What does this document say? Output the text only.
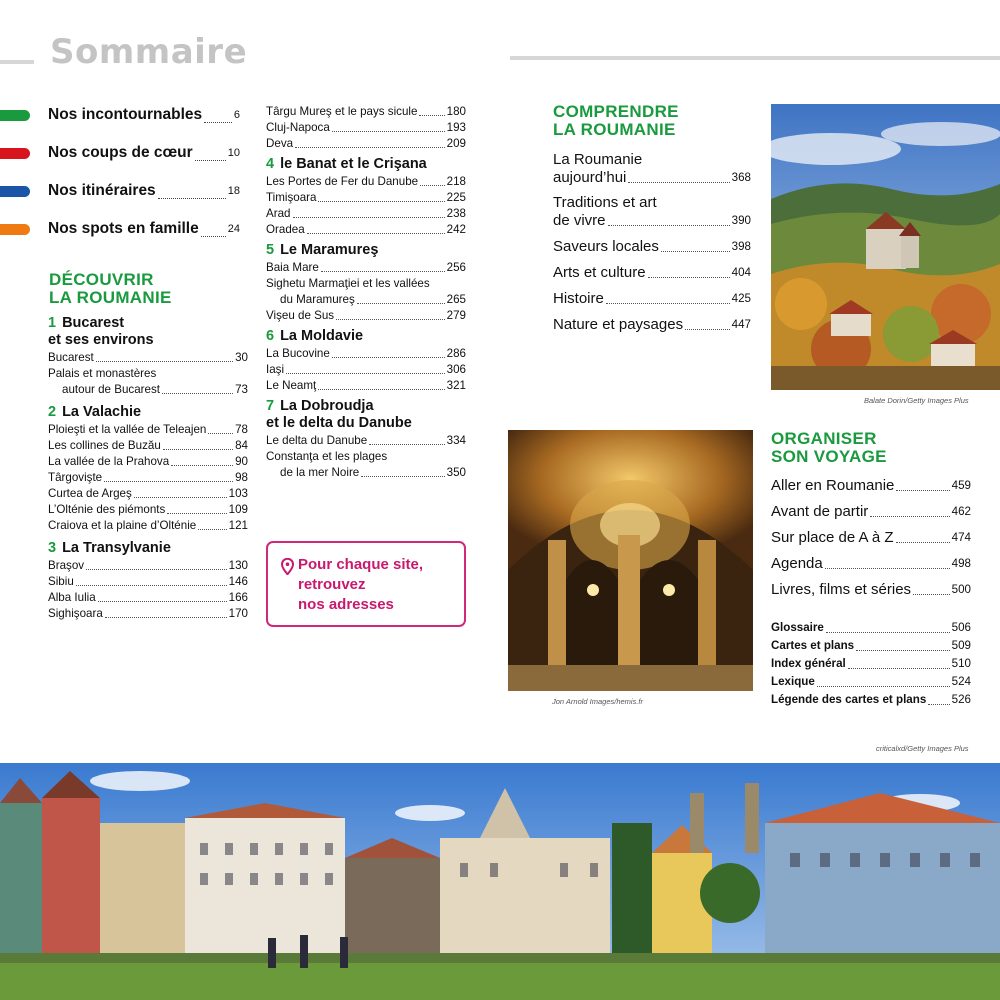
Sommaire
Nos incontournables	6
Nos coups de cœur	10
Nos itinéraires	18
Nos spots en famille	24
DÉCOUVRIR
LA ROUMANIE
1 Bucarest
et ses environs
Bucarest	30
Palais et monastères
autour de Bucarest	73
2 La Valachie
Ploieşti et la vallée de Teleajen 78
Les collines de Buzău	84
La vallée de la Prahova	90
Târgovişte	98
Curtea de Argeş	103
L’Olténie des piémonts	109
Craiova et la plaine d’Olténie	121
3 La Transylvanie
Braşov	130
Sibiu	146
Alba Iulia	166
Sighişoara	170
Târgu Mureş et le pays sicule	180
Cluj-Napoca	193
Deva	209
4 le Banat et le Crişana
Les Portes de Fer du Danube 218
Timişoara	225
Arad	238
Oradea	242
5 Le Maramureş
Baia Mare	256
Sighetu Marmaţiei et les vallées
du Maramureş	265
Vişeu de Sus	279
6 La Moldavie
La Bucovine	286
Iaşi	306
Le Neamţ	321
7 La Dobroudja
et le delta du Danube
Le delta du Danube	334
Constanţa et les plages
de la mer Noire	350
Pour chaque site,
retrouvez
nos adresses
COMPRENDRE
LA ROUMANIE
La Roumanie
aujourd’hui	368
Traditions et art
de vivre	390
Saveurs locales	398
Arts et culture	404
Histoire	425
Nature et paysages	447
Balate Dorin/Getty Images Plus
Jon Arnold Images/hemis.fr
ORGANISER
SON VOYAGE
Aller en Roumanie	459
Avant de partir	462
Sur place de A à Z	474
Agenda	498
Livres, films et séries	500
Glossaire	506
Cartes et plans	509
Index général	510
Lexique	524
Légende des cartes et plans 526
criticalxd/Getty Images Plus
